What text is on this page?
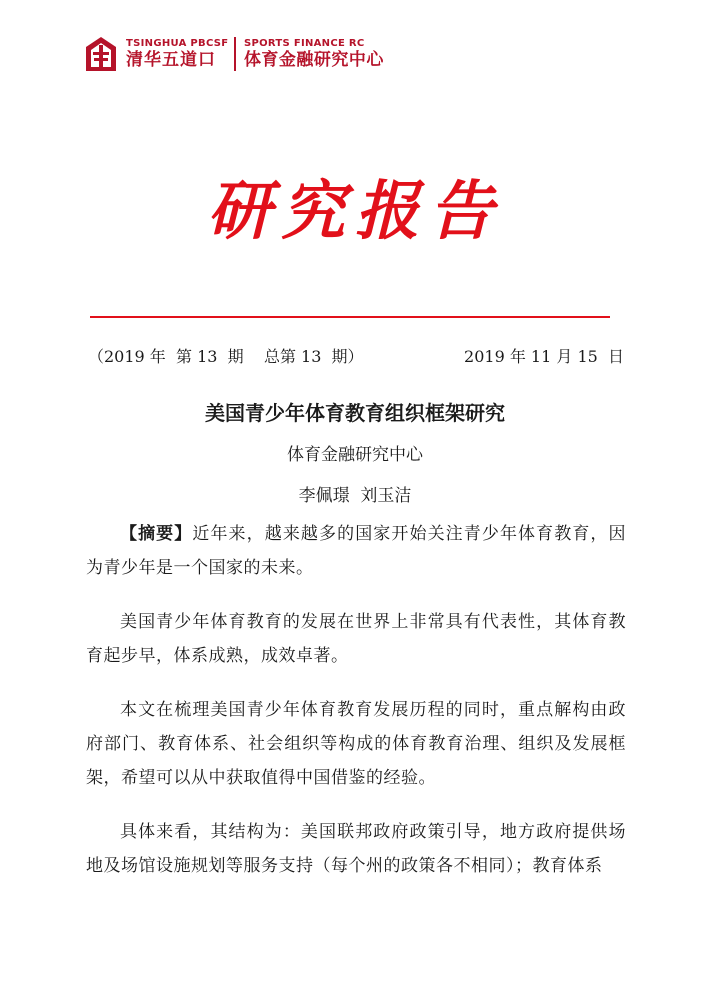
TSINGHUA PBCSF
清华五道口
SPORTS FINANCE RC
体育金融研究中心
研究报告
（2019 年  第 13  期    总第 13  期）	2019 年 11 月 15  日
美国青少年体育教育组织框架研究
体育金融研究中心
李佩璟  刘玉洁

【摘要】近年来，越来越多的国家开始关注青少年体育教育，因为青少年是一个国家的未来。

美国青少年体育教育的发展在世界上非常具有代表性，其体育教育起步早，体系成熟，成效卓著。

本文在梳理美国青少年体育教育发展历程的同时，重点解构由政府部门、教育体系、社会组织等构成的体育教育治理、组织及发展框架，希望可以从中获取值得中国借鉴的经验。

具体来看，其结构为：美国联邦政府政策引导，地方政府提供场地及场馆设施规划等服务支持（每个州的政策各不相同）；教育体系
